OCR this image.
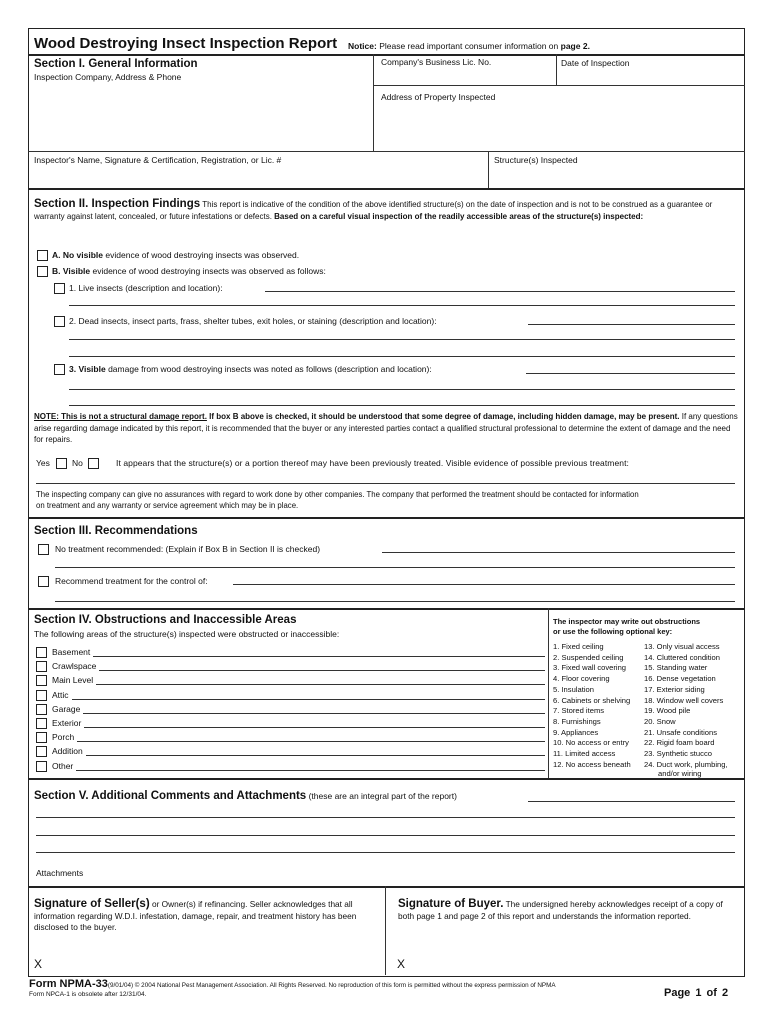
Wood Destroying Insect Inspection Report Notice: Please read important consumer information on page 2.
Section I. General Information
Inspection Company, Address & Phone
Company's Business Lic. No.	Date of Inspection
Address of Property Inspected
Inspector's Name, Signature & Certification, Registration, or Lic. #	Structure(s) Inspected
Section II. Inspection Findings This report is indicative of the condition of the above identified structure(s) on the date of inspection and is not to be construed as a guarantee or warranty against latent, concealed, or future infestations or defects. Based on a careful visual inspection of the readily accessible areas of the structure(s) inspected:
A. No visible evidence of wood destroying insects was observed.
B. Visible evidence of wood destroying insects was observed as follows:
1. Live insects (description and location):
2. Dead insects, insect parts, frass, shelter tubes, exit holes, or staining (description and location):
3. Visible damage from wood destroying insects was noted as follows (description and location):
NOTE: This is not a structural damage report. If box B above is checked, it should be understood that some degree of damage, including hidden damage, may be present. If any questions arise regarding damage indicated by this report, it is recommended that the buyer or any interested parties contact a qualified structural professional to determine the extent of damage and the need for repairs.
Yes	No	It appears that the structure(s) or a portion thereof may have been previously treated. Visible evidence of possible previous treatment:
The inspecting company can give no assurances with regard to work done by other companies. The company that performed the treatment should be contacted for information
on treatment and any warranty or service agreement which may be in place.
Section III. Recommendations
No treatment recommended: (Explain if Box B in Section II is checked)
Recommend treatment for the control of:
Section IV. Obstructions and Inaccessible Areas
The following areas of the structure(s) inspected were obstructed or inaccessible:
The inspector may write out obstructions
or use the following optional key:
Basement
Crawlspace
Main Level
Attic
Garage
Exterior
Porch
Addition
Other
1. Fixed ceiling
2. Suspended ceiling
3. Fixed wall covering
4. Floor covering
5. Insulation
6. Cabinets or shelving
7. Stored items
8. Furnishings
9. Appliances
10. No access or entry
11. Limited access
12. No access beneath
13. Only visual access
14. Cluttered condition
15. Standing water
16. Dense vegetation
17. Exterior siding
18. Window well covers
19. Wood pile
20. Snow
21. Unsafe conditions
22. Rigid foam board
23. Synthetic stucco
24. Duct work, plumbing,
and/or wiring
Section V. Additional Comments and Attachments (these are an integral part of the report)
Attachments
Signature of Seller(s) or Owner(s) if refinancing. Seller acknowledges that all information regarding W.D.I. infestation, damage, repair, and treatment history has been disclosed to the buyer.
Signature of Buyer. The undersigned hereby acknowledges receipt of a copy of both page 1 and page 2 of this report and understands the information reported.
X	X
Form NPMA-33(9/01/04) © 2004 National Pest Management Association. All Rights Reserved. No reproduction of this form is permitted without the express permission of NPMA
Form NPCA-1 is obsolete after 12/31/04.	Page 1 of 2
